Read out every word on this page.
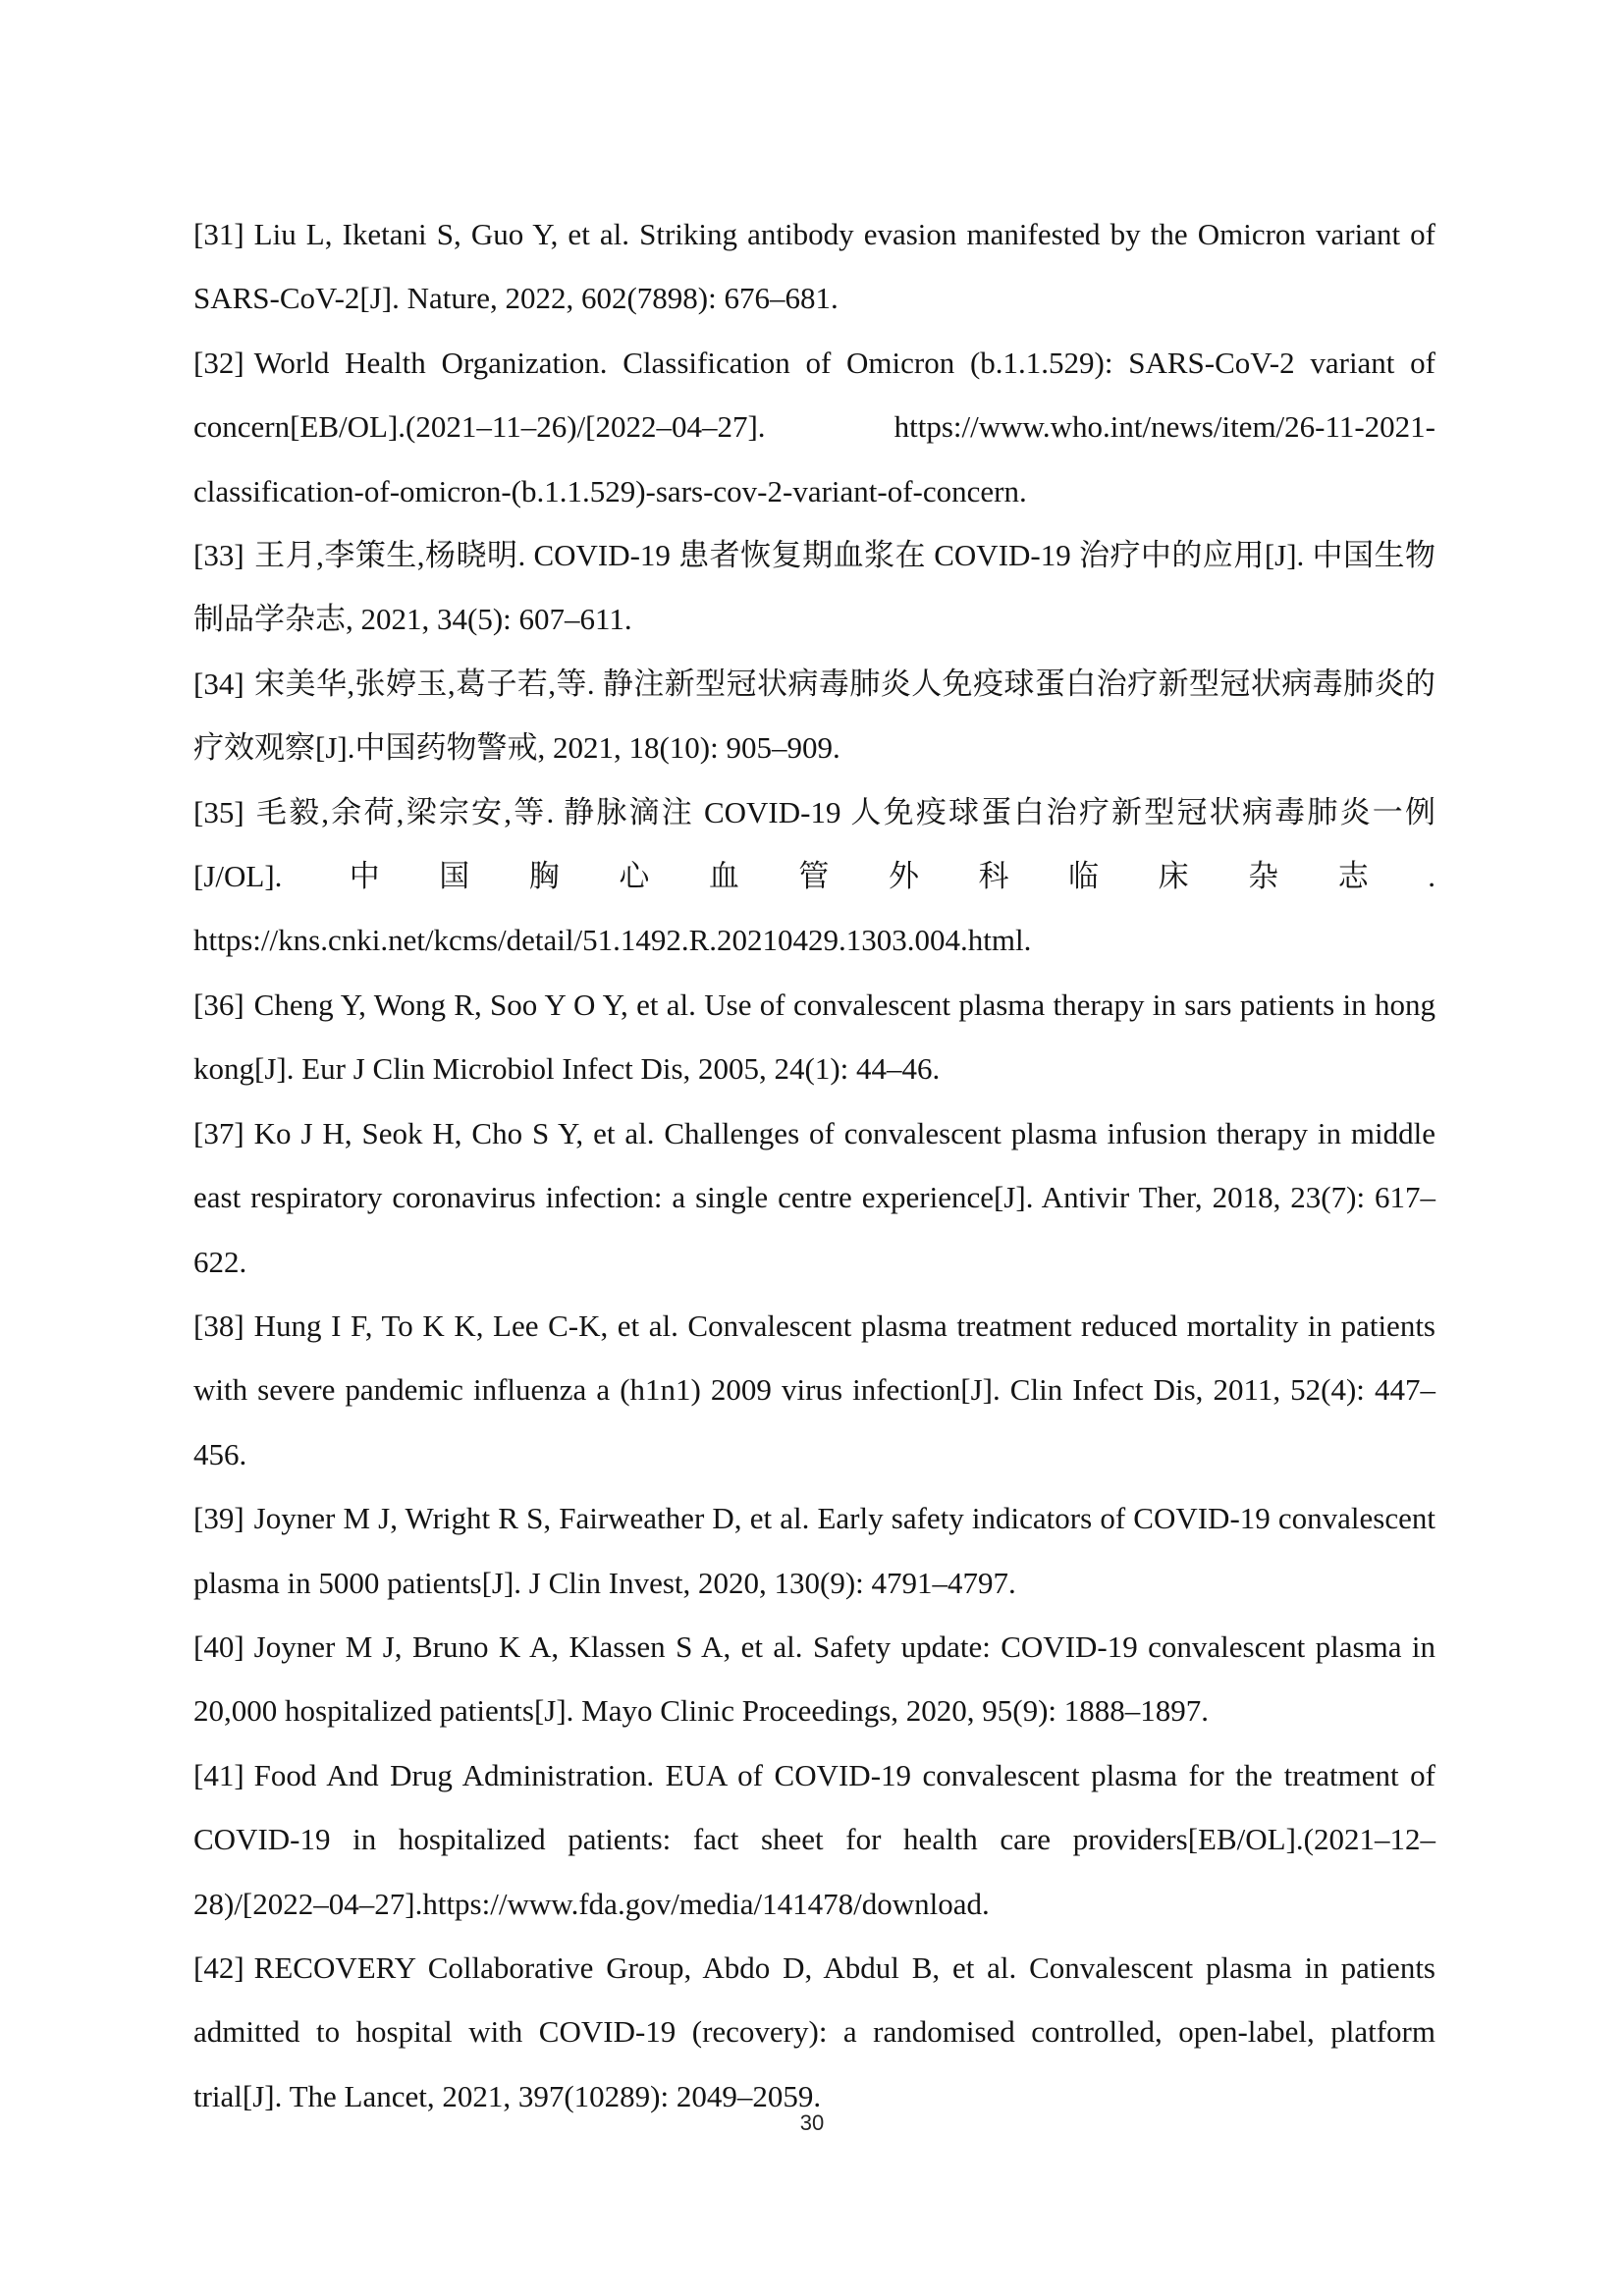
[31] Liu L, Iketani S, Guo Y, et al. Striking antibody evasion manifested by the Omicron variant of SARS-CoV-2[J]. Nature, 2022, 602(7898): 676–681.

[32] World Health Organization. Classification of Omicron (b.1.1.529): SARS-CoV-2 variant of concern[EB/OL].(2021–11–26)/[2022–04–27]. https://www.who.int/news/item/26-11-2021-classification-of-omicron-(b.1.1.529)-sars-cov-2-variant-of-concern.

[33] 王月,李策生,杨晓明. COVID-19 患者恢复期血浆在 COVID-19 治疗中的应用[J]. 中国生物制品学杂志, 2021, 34(5): 607–611.

[34] 宋美华,张婷玉,葛子若,等. 静注新型冠状病毒肺炎人免疫球蛋白治疗新型冠状病毒肺炎的疗效观察[J].中国药物警戒, 2021, 18(10): 905–909.

[35] 毛毅,余荷,梁宗安,等. 静脉滴注 COVID-19 人免疫球蛋白治疗新型冠状病毒肺炎一例[J/OL]. 中国胸心血管外科临床杂志. https://kns.cnki.net/kcms/detail/51.1492.R.20210429.1303.004.html.

[36] Cheng Y, Wong R, Soo Y O Y, et al. Use of convalescent plasma therapy in sars patients in hong kong[J]. Eur J Clin Microbiol Infect Dis, 2005, 24(1): 44–46.

[37] Ko J H, Seok H, Cho S Y, et al. Challenges of convalescent plasma infusion therapy in middle east respiratory coronavirus infection: a single centre experience[J]. Antivir Ther, 2018, 23(7): 617–622.

[38] Hung I F, To K K, Lee C-K, et al. Convalescent plasma treatment reduced mortality in patients with severe pandemic influenza a (h1n1) 2009 virus infection[J]. Clin Infect Dis, 2011, 52(4): 447–456.

[39] Joyner M J, Wright R S, Fairweather D, et al. Early safety indicators of COVID-19 convalescent plasma in 5000 patients[J]. J Clin Invest, 2020, 130(9): 4791–4797.

[40] Joyner M J, Bruno K A, Klassen S A, et al. Safety update: COVID-19 convalescent plasma in 20,000 hospitalized patients[J]. Mayo Clinic Proceedings, 2020, 95(9): 1888–1897.

[41] Food And Drug Administration. EUA of COVID-19 convalescent plasma for the treatment of COVID-19 in hospitalized patients: fact sheet for health care providers[EB/OL].(2021–12–28)/[2022–04–27].https://www.fda.gov/media/141478/download.

[42] RECOVERY Collaborative Group, Abdo D, Abdul B, et al. Convalescent plasma in patients admitted to hospital with COVID-19 (recovery): a randomised controlled, open-label, platform trial[J]. The Lancet, 2021, 397(10289): 2049–2059.

30
